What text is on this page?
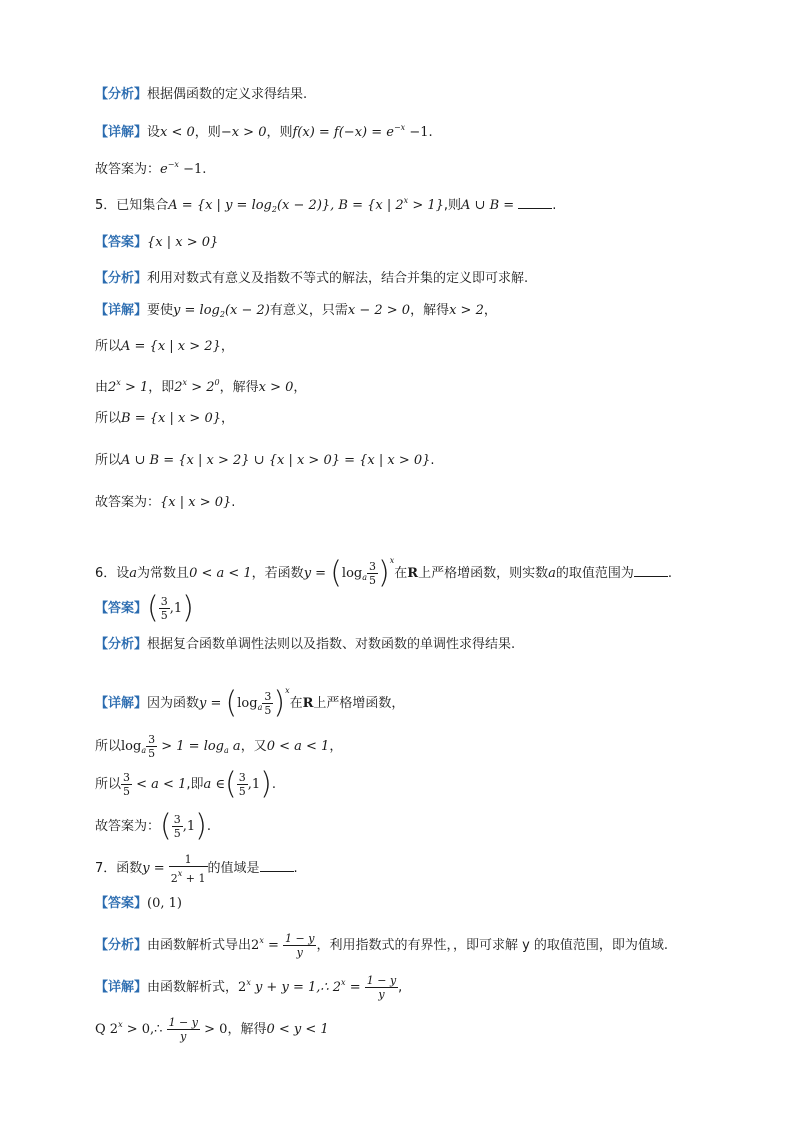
【分析】根据偶函数的定义求得结果.
【详解】设x < 0，则−x > 0，则$f(x) = f(-x) = e^{-x} -1$.
故答案为：$e^{-x} -1$.
5．已知集合A = {x | $y = \log_2(x - 2)$}, B = {x | $2^x > 1$},则A ∪ B =	.
【答案】{x | x > 0}
【分析】利用对数式有意义及指数不等式的解法，结合并集的定义即可求解.
【详解】要使$y = \log_2(x - 2)$有意义，只需x − 2 > 0，解得x > 2，
所以A = {x | x > 2}，
由$2^x > 1$，即$2^x > 2^0$，解得x > 0，
所以B = {x | x > 0}，
所以A ∪ B = {x | x > 2} ∪ {x | x > 0} = {x | x > 0}.
故答案为：{x | x > 0}.
6．设a为常数且0 < a < 1，若函数$y = (\log_a \frac{3}{5} )^x$在R上严格增函数，则实数a的取值范围为	.
【答案】( $\frac{3}{5} ,1$)
【分析】根据复合函数单调性法则以及指数、对数函数的单调性求得结果.
【详解】因为函数$y = (\log_a \frac{3}{5} )^x$在R上严格增函数，
所以$\log_a \frac{3}{5} > 1 = \log_a a$，又0 < a < 1，
所以 $\frac{3}{5} < a < 1$,即a ∈( $\frac{3}{5} ,1$).
故答案为：( $\frac{3}{5} ,1$).
7．函数$y = \frac{1}{2^x + 1}$ 的值域是	.
【答案】(0, 1)
【分析】由函数解析式导出$2^x = \frac{1 - y}{y}$ ，利用指数式的有界性，，即可求解 y 的取值范围，即为值域.
【详解】由函数解析式，2$^x$ y + y = 1,∴ $2^x = \frac{1 - y}{y}$ ,
Q $2^x$ > 0,∴ $\frac{1 - y}{y} > 0$，解得0 < y < 1
